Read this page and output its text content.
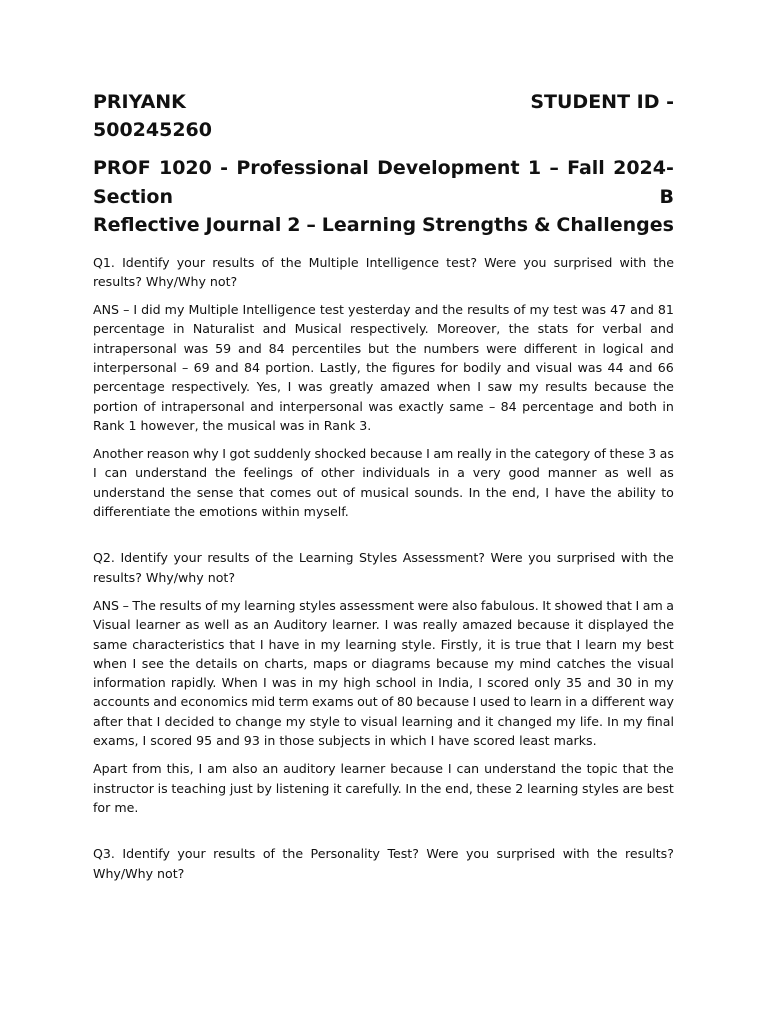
PRIYANK	STUDENT ID -
500245260
PROF 1020 - Professional Development 1 – Fall 2024-
Section	B
Reflective Journal 2 – Learning Strengths & Challenges
Q1. Identify your results of the Multiple Intelligence test? Were you surprised with the
results? Why/Why not?
ANS – I did my Multiple Intelligence test yesterday and the results of my test was 47 and 81
percentage in Naturalist and Musical respectively. Moreover, the stats for verbal and
intrapersonal was 59 and 84 percentiles but the numbers were different in logical and
interpersonal – 69 and 84 portion. Lastly, the figures for bodily and visual was 44 and 66
percentage respectively. Yes, I was greatly amazed when I saw my results because the
portion of intrapersonal and interpersonal was exactly same – 84 percentage and both in
Rank 1 however, the musical was in Rank 3.
Another reason why I got suddenly shocked because I am really in the category of these 3 as
I can understand the feelings of other individuals in a very good manner as well as
understand the sense that comes out of musical sounds. In the end, I have the ability to
differentiate the emotions within myself.
Q2. Identify your results of the Learning Styles Assessment? Were you surprised with the
results? Why/why not?
ANS – The results of my learning styles assessment were also fabulous. It showed that I am a
Visual learner as well as an Auditory learner. I was really amazed because it displayed the
same characteristics that I have in my learning style. Firstly, it is true that I learn my best
when I see the details on charts, maps or diagrams because my mind catches the visual
information rapidly. When I was in my high school in India, I scored only 35 and 30 in my
accounts and economics mid term exams out of 80 because I used to learn in a different way
after that I decided to change my style to visual learning and it changed my life. In my final
exams, I scored 95 and 93 in those subjects in which I have scored least marks.
Apart from this, I am also an auditory learner because I can understand the topic that the
instructor is teaching just by listening it carefully. In the end, these 2 learning styles are best
for me.
Q3. Identify your results of the Personality Test? Were you surprised with the results?
Why/Why not?
